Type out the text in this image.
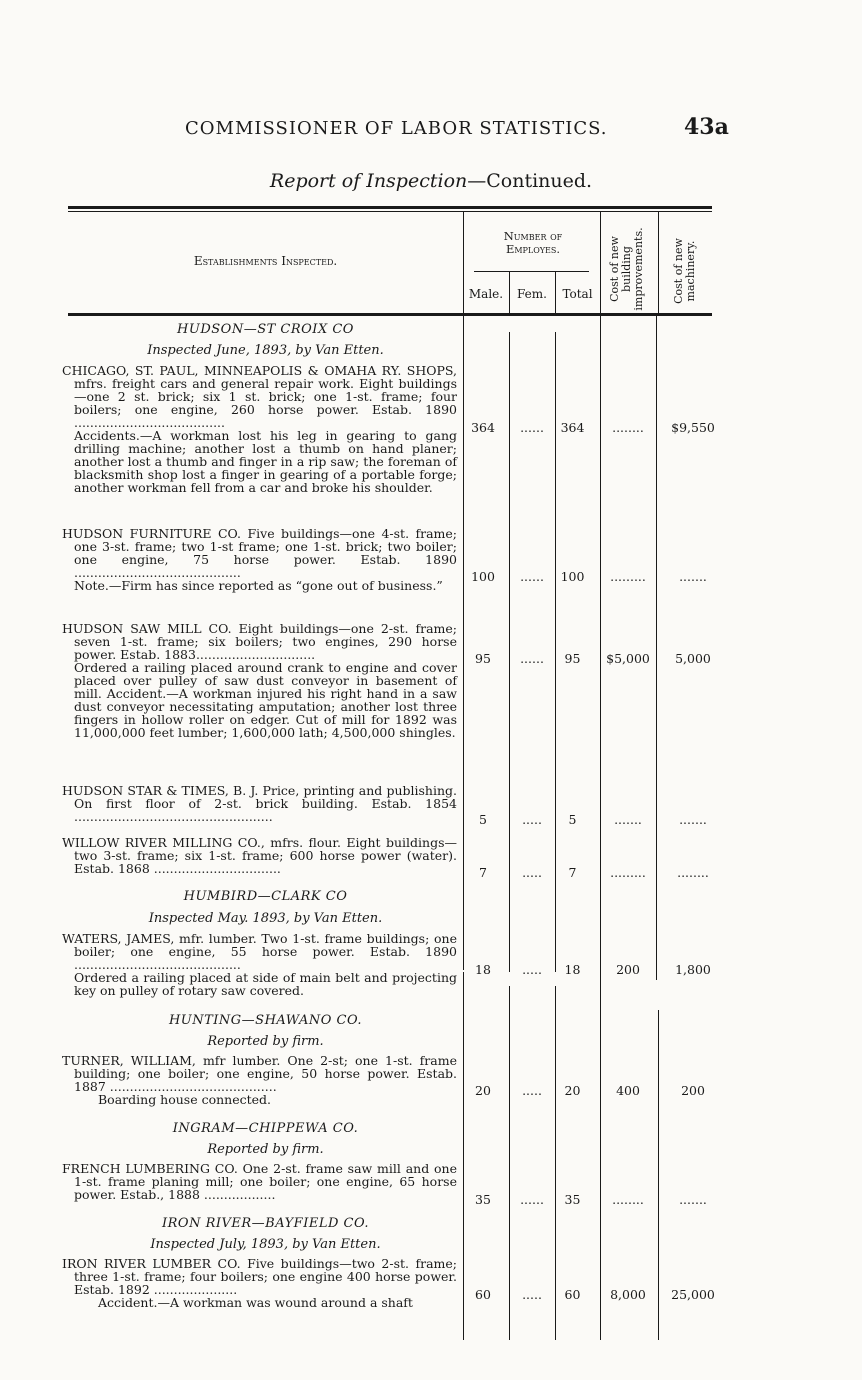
COMMISSIONER OF LABOR STATISTICS.	43a
Report of Inspection—Continued.
Establishments Inspected.
Number of Employes.
Male.	Fem.	Total	Cost of new building improvements.	Cost of new machinery.
HUDSON—ST CROIX CO
Inspected June, 1893, by Van Etten.

CHICAGO, ST. PAUL, MINNEAPOLIS & OMAHA RY. SHOPS, mfrs. freight cars and general repair work. Eight buildings—one 2 st. brick; six 1 st. brick; one 1-st. frame; four boilers; one engine, 260 horse power. Estab. 1890 ......................................

Accidents.—A workman lost his leg in gearing to gang drilling machine; another lost a thumb on hand planer; another lost a thumb and finger in a rip saw; the foreman of blacksmith shop lost a finger in gearing of a portable forge; another workman fell from a car and broke his shoulder.

364	......	364	........	$9,550

HUDSON FURNITURE CO. Five buildings—one 4-st. frame; one 3-st. frame; two 1-st frame; one 1-st. brick; two boiler; one engine, 75 horse power. Estab. 1890 ..........................................

Note.—Firm has since reported as “gone out of business.”

100	......	100	.........	.......

HUDSON SAW MILL CO. Eight buildings—one 2-st. frame; seven 1-st. frame; six boilers; two engines, 290 horse power. Estab. 1883..............................

Ordered a railing placed around crank to engine and cover placed over pulley of saw dust conveyor in basement of mill. Accident.—A workman injured his right hand in a saw dust conveyor necessitating amputation; another lost three fingers in hollow roller on edger. Cut of mill for 1892 was 11,000,000 feet lumber; 1,600,000 lath; 4,500,000 shingles.

95	......	95	$5,000	5,000

HUDSON STAR & TIMES, B. J. Price, printing and publishing. On first floor of 2-st. brick building. Estab. 1854 ..................................................	5	.....	5	.......	.......

WILLOW RIVER MILLING CO., mfrs. flour. Eight buildings—two 3-st. frame; six 1-st. frame; 600 horse power (water). Estab. 1868 ................................	7	.....	7	.........	........
HUMBIRD—CLARK CO
Inspected May. 1893, by Van Etten.

WATERS, JAMES, mfr. lumber. Two 1-st. frame buildings; one boiler; one engine, 55 horse power. Estab. 1890 ..........................................

Ordered a railing placed at side of main belt and projecting key on pulley of rotary saw covered.

18	.....	18	200	1,800
HUNTING—SHAWANO CO.
Reported by firm.

TURNER, WILLIAM, mfr lumber. One 2-st; one 1-st. frame building; one boiler; one engine, 50 horse power. Estab. 1887 ..........................................

Boarding house connected.

20	.....	20	400	200
INGRAM—CHIPPEWA CO.
Reported by firm.

FRENCH LUMBERING CO. One 2-st. frame saw mill and one 1-st. frame planing mill; one boiler; one engine, 65 horse power. Estab., 1888 ..................	35	......	35	........	.......
IRON RIVER—BAYFIELD CO.
Inspected July, 1893, by Van Etten.

IRON RIVER LUMBER CO. Five buildings—two 2-st. frame; three 1-st. frame; four boilers; one engine 400 horse power. Estab. 1892 .....................

Accident.—A workman was wound around a shaft

60	.....	60	8,000	25,000
